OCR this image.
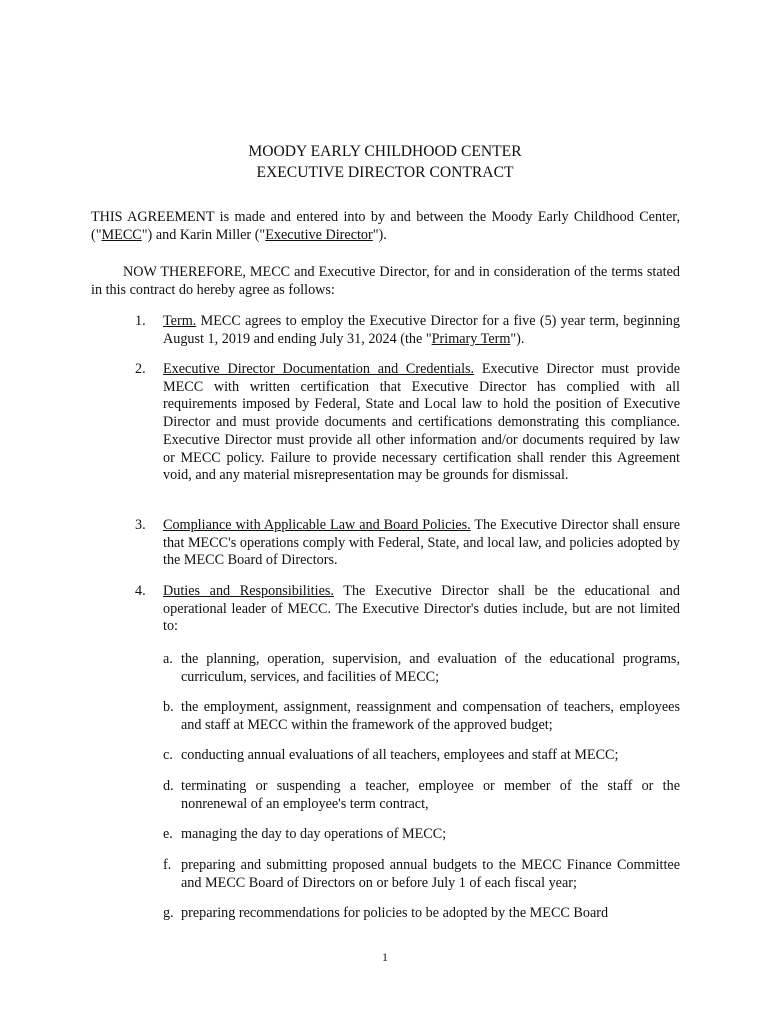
MOODY EARLY CHILDHOOD CENTER
EXECUTIVE DIRECTOR CONTRACT
THIS AGREEMENT is made and entered into by and between the Moody Early Childhood Center, ("MECC") and Karin Miller ("Executive Director").
NOW THEREFORE, MECC and Executive Director, for and in consideration of the terms stated in this contract do hereby agree as follows:
1. Term. MECC agrees to employ the Executive Director for a five (5) year term, beginning August 1, 2019 and ending July 31, 2024 (the "Primary Term").
2. Executive Director Documentation and Credentials. Executive Director must provide MECC with written certification that Executive Director has complied with all requirements imposed by Federal, State and Local law to hold the position of Executive Director and must provide documents and certifications demonstrating this compliance. Executive Director must provide all other information and/or documents required by law or MECC policy. Failure to provide necessary certification shall render this Agreement void, and any material misrepresentation may be grounds for dismissal.
3. Compliance with Applicable Law and Board Policies. The Executive Director shall ensure that MECC's operations comply with Federal, State, and local law, and policies adopted by the MECC Board of Directors.
4. Duties and Responsibilities. The Executive Director shall be the educational and operational leader of MECC. The Executive Director's duties include, but are not limited to:
a. the planning, operation, supervision, and evaluation of the educational programs, curriculum, services, and facilities of MECC;
b. the employment, assignment, reassignment and compensation of teachers, employees and staff at MECC within the framework of the approved budget;
c. conducting annual evaluations of all teachers, employees and staff at MECC;
d. terminating or suspending a teacher, employee or member of the staff or the nonrenewal of an employee's term contract,
e. managing the day to day operations of MECC;
f. preparing and submitting proposed annual budgets to the MECC Finance Committee and MECC Board of Directors on or before July 1 of each fiscal year;
g. preparing recommendations for policies to be adopted by the MECC Board
1
